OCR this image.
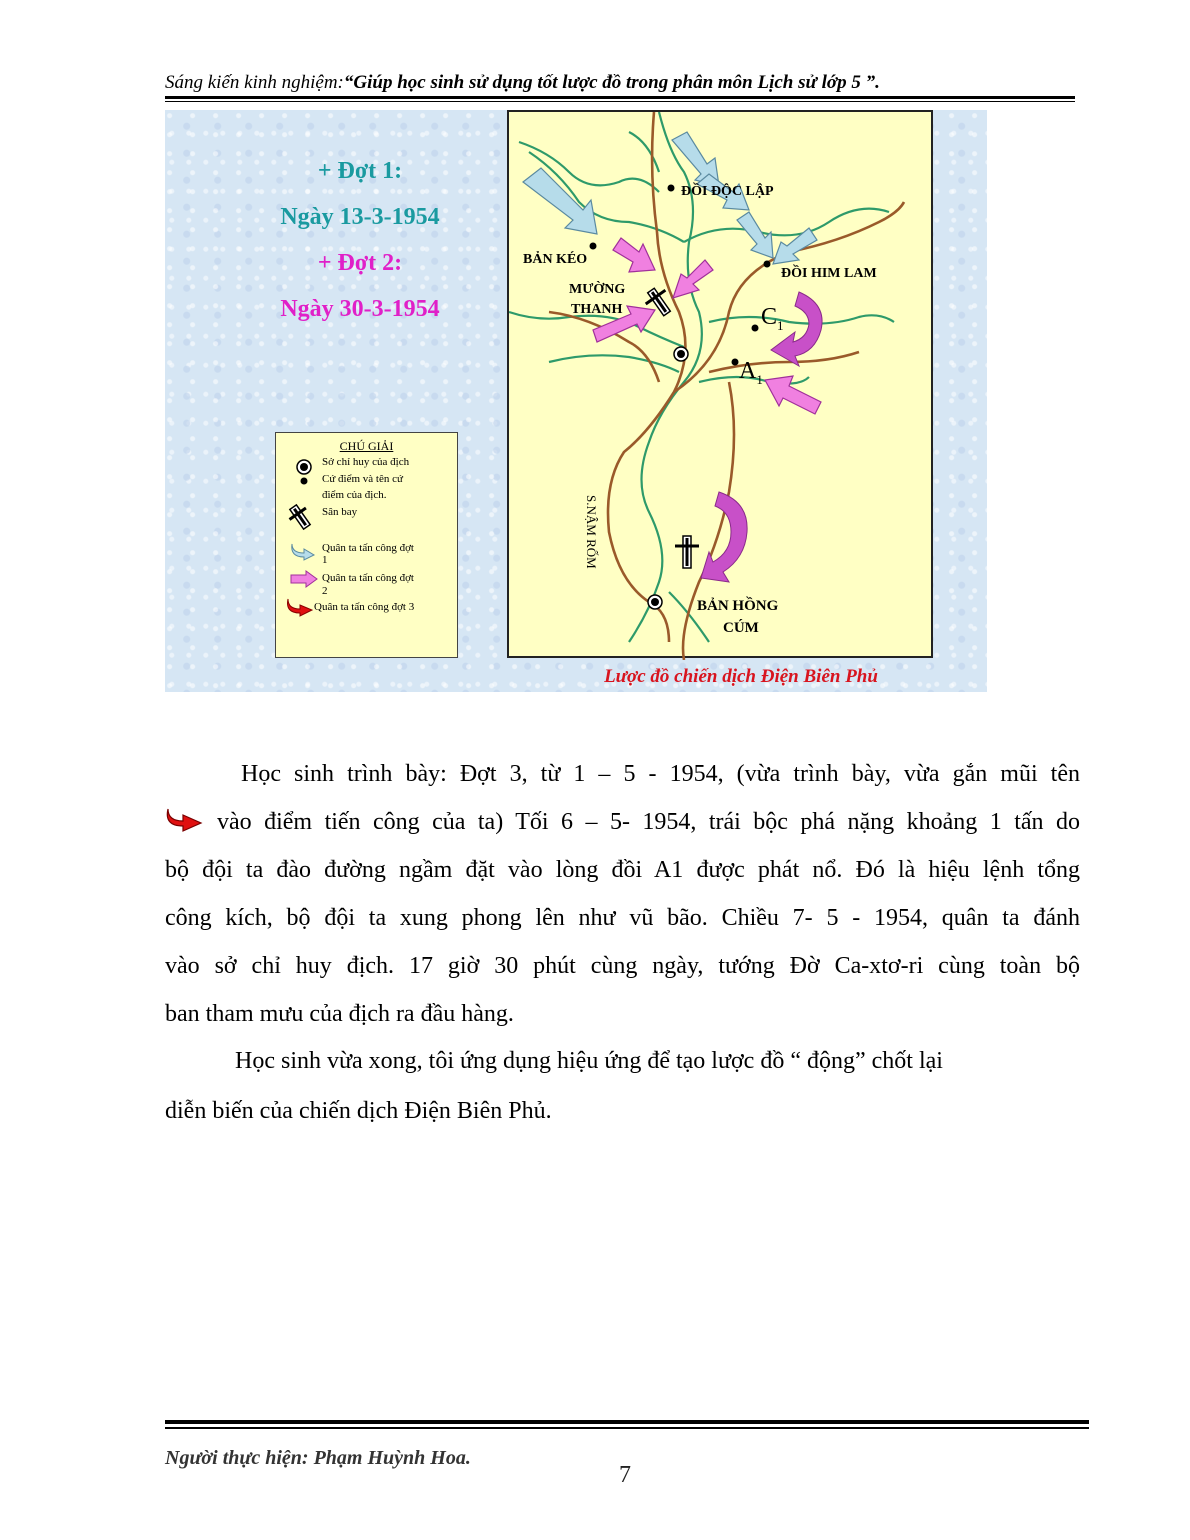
Sáng kiến kinh nghiệm:“Giúp học sinh sử dụng tốt lược đồ trong phân môn Lịch sử lớp 5 ”.
+ Đợt 1:
Ngày 13-3-1954
+ Đợt 2:
Ngày 30-3-1954
CHÚ GIẢI
Sở chỉ huy của địch
Cứ điểm và tên cứ
điểm của địch.
Sân bay
Quân ta tấn công đợt
1
Quân ta tấn công đợt
2
Quân ta tấn công đợt 3
ĐỒI ĐỘC LẬP
BẢN KÉO
MƯỜNG
THANH
ĐỒI HIM LAM
$C_1$
$A_1$
S.NẬM RỐM
BẢN HỒNG
CÚM
Lược đồ chiến dịch Điện Biên Phủ
Học sinh trình bày: Đợt 3, từ 1 – 5 - 1954, (vừa trình bày, vừa gắn mũi tên
vào điểm tiến công của ta) Tối 6 – 5- 1954, trái bộc phá nặng khoảng 1 tấn do
bộ đội ta đào đường ngầm đặt vào lòng đồi A1 được phát nổ. Đó là hiệu lệnh tổng
công kích, bộ đội ta xung phong lên như vũ bão. Chiều 7- 5 - 1954, quân ta đánh
vào sở chỉ huy địch. 17 giờ 30 phút cùng ngày, tướng Đờ Ca-xtơ-ri cùng toàn bộ
ban tham mưu của địch ra đầu hàng.
Học sinh vừa xong, tôi ứng dụng hiệu ứng để tạo lược đồ “ động” chốt lại
diễn biến của chiến dịch Điện Biên Phủ.
Người thực hiện: Phạm Huỳnh Hoa.
7
